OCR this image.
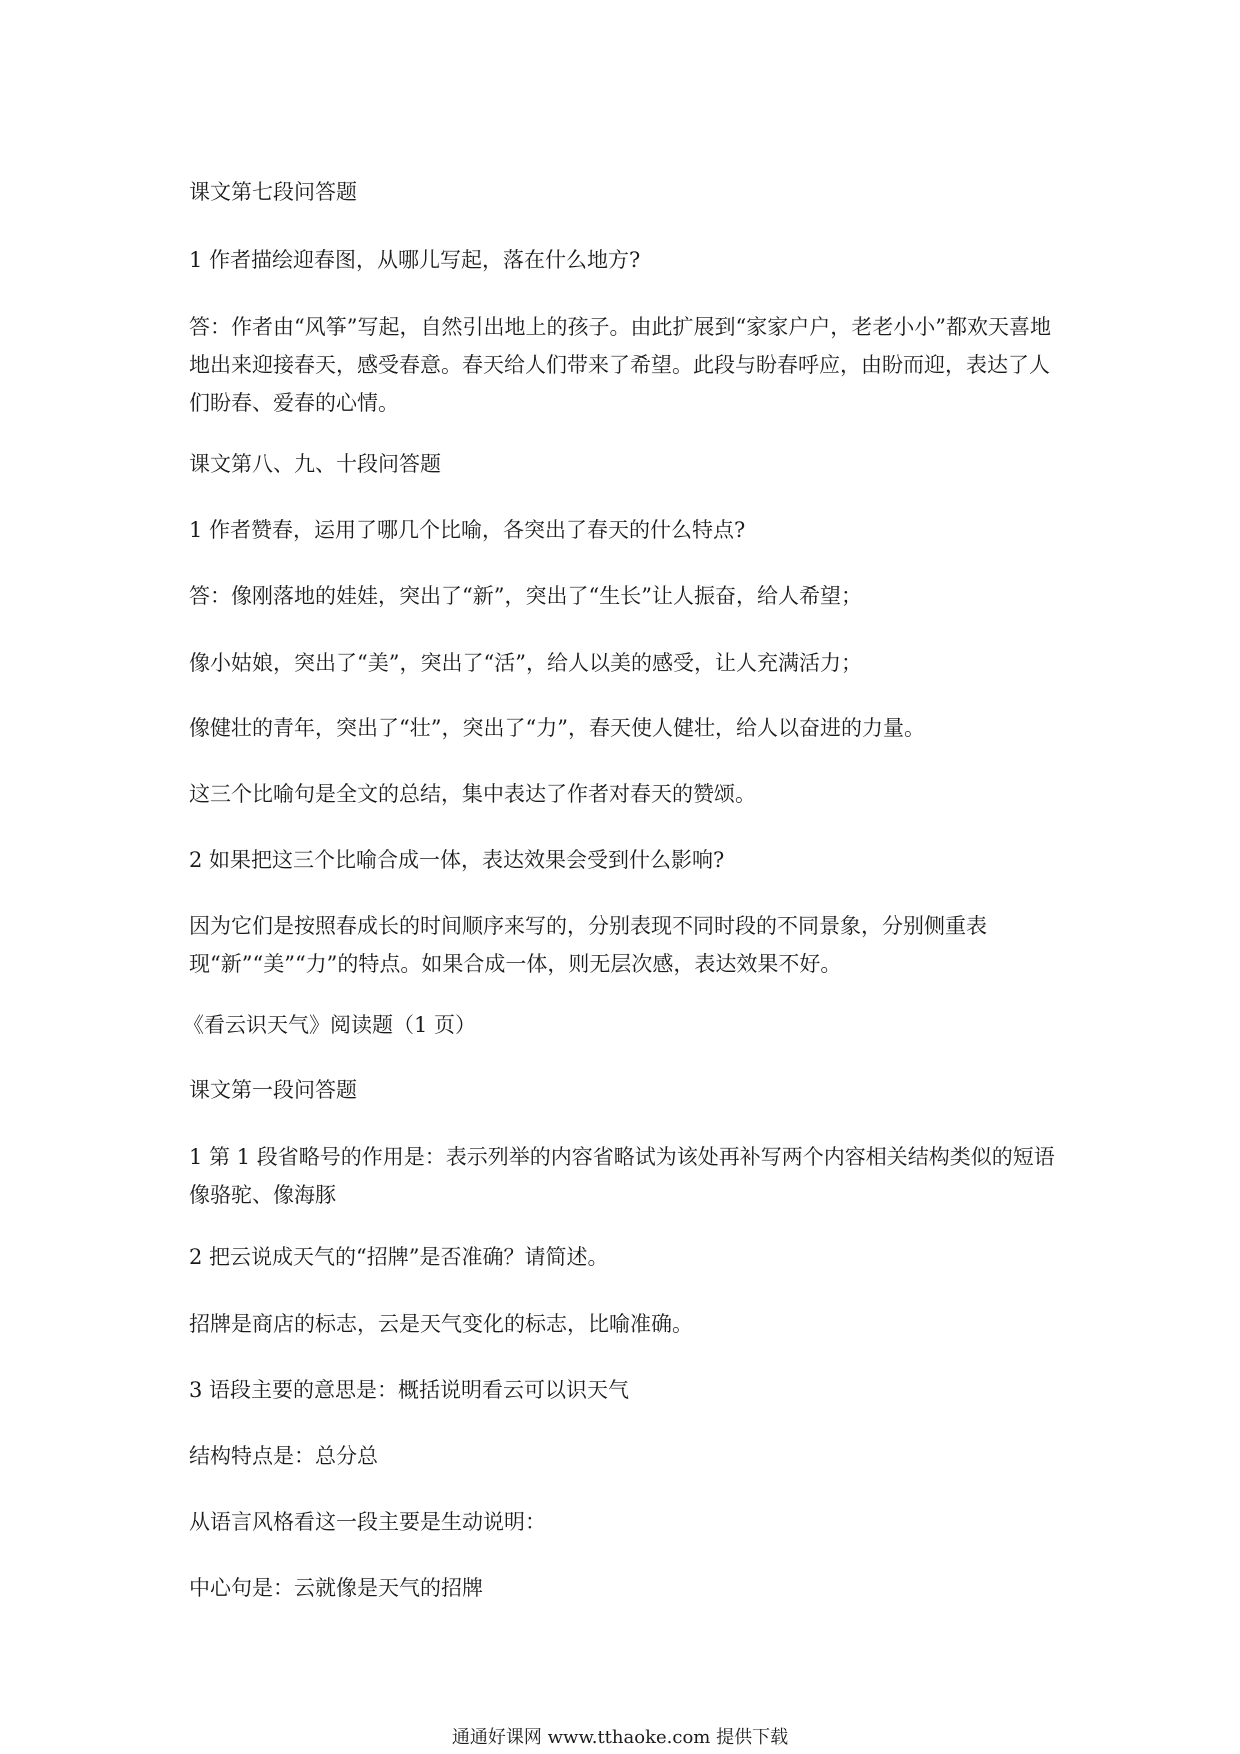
课文第七段问答题

1 作者描绘迎春图，从哪儿写起，落在什么地方?

答：作者由“风筝”写起，自然引出地上的孩子。由此扩展到“家家户户，老老小小”都欢天喜地地出来迎接春天，感受春意。春天给人们带来了希望。此段与盼春呼应，由盼而迎，表达了人们盼春、爱春的心情。

课文第八、九、十段问答题

1 作者赞春，运用了哪几个比喻，各突出了春天的什么特点?

答：像刚落地的娃娃，突出了“新”，突出了“生长”让人振奋，给人希望；

像小姑娘，突出了“美”，突出了“活”，给人以美的感受，让人充满活力；

像健壮的青年，突出了“壮”，突出了“力”，春天使人健壮，给人以奋进的力量。

这三个比喻句是全文的总结，集中表达了作者对春天的赞颂。

2 如果把这三个比喻合成一体，表达效果会受到什么影响?

因为它们是按照春成长的时间顺序来写的，分别表现不同时段的不同景象，分别侧重表现“新”“美”“力”的特点。如果合成一体，则无层次感，表达效果不好。

《看云识天气》阅读题（1 页）

课文第一段问答题

1 第 1 段省略号的作用是：表示列举的内容省略试为该处再补写两个内容相关结构类似的短语像骆驼、像海豚

2 把云说成天气的“招牌”是否准确？请简述。

招牌是商店的标志，云是天气变化的标志，比喻准确。

3 语段主要的意思是：概括说明看云可以识天气

结构特点是：总分总

从语言风格看这一段主要是生动说明：

中心句是：云就像是天气的招牌

通通好课网 www.tthaoke.com 提供下载
